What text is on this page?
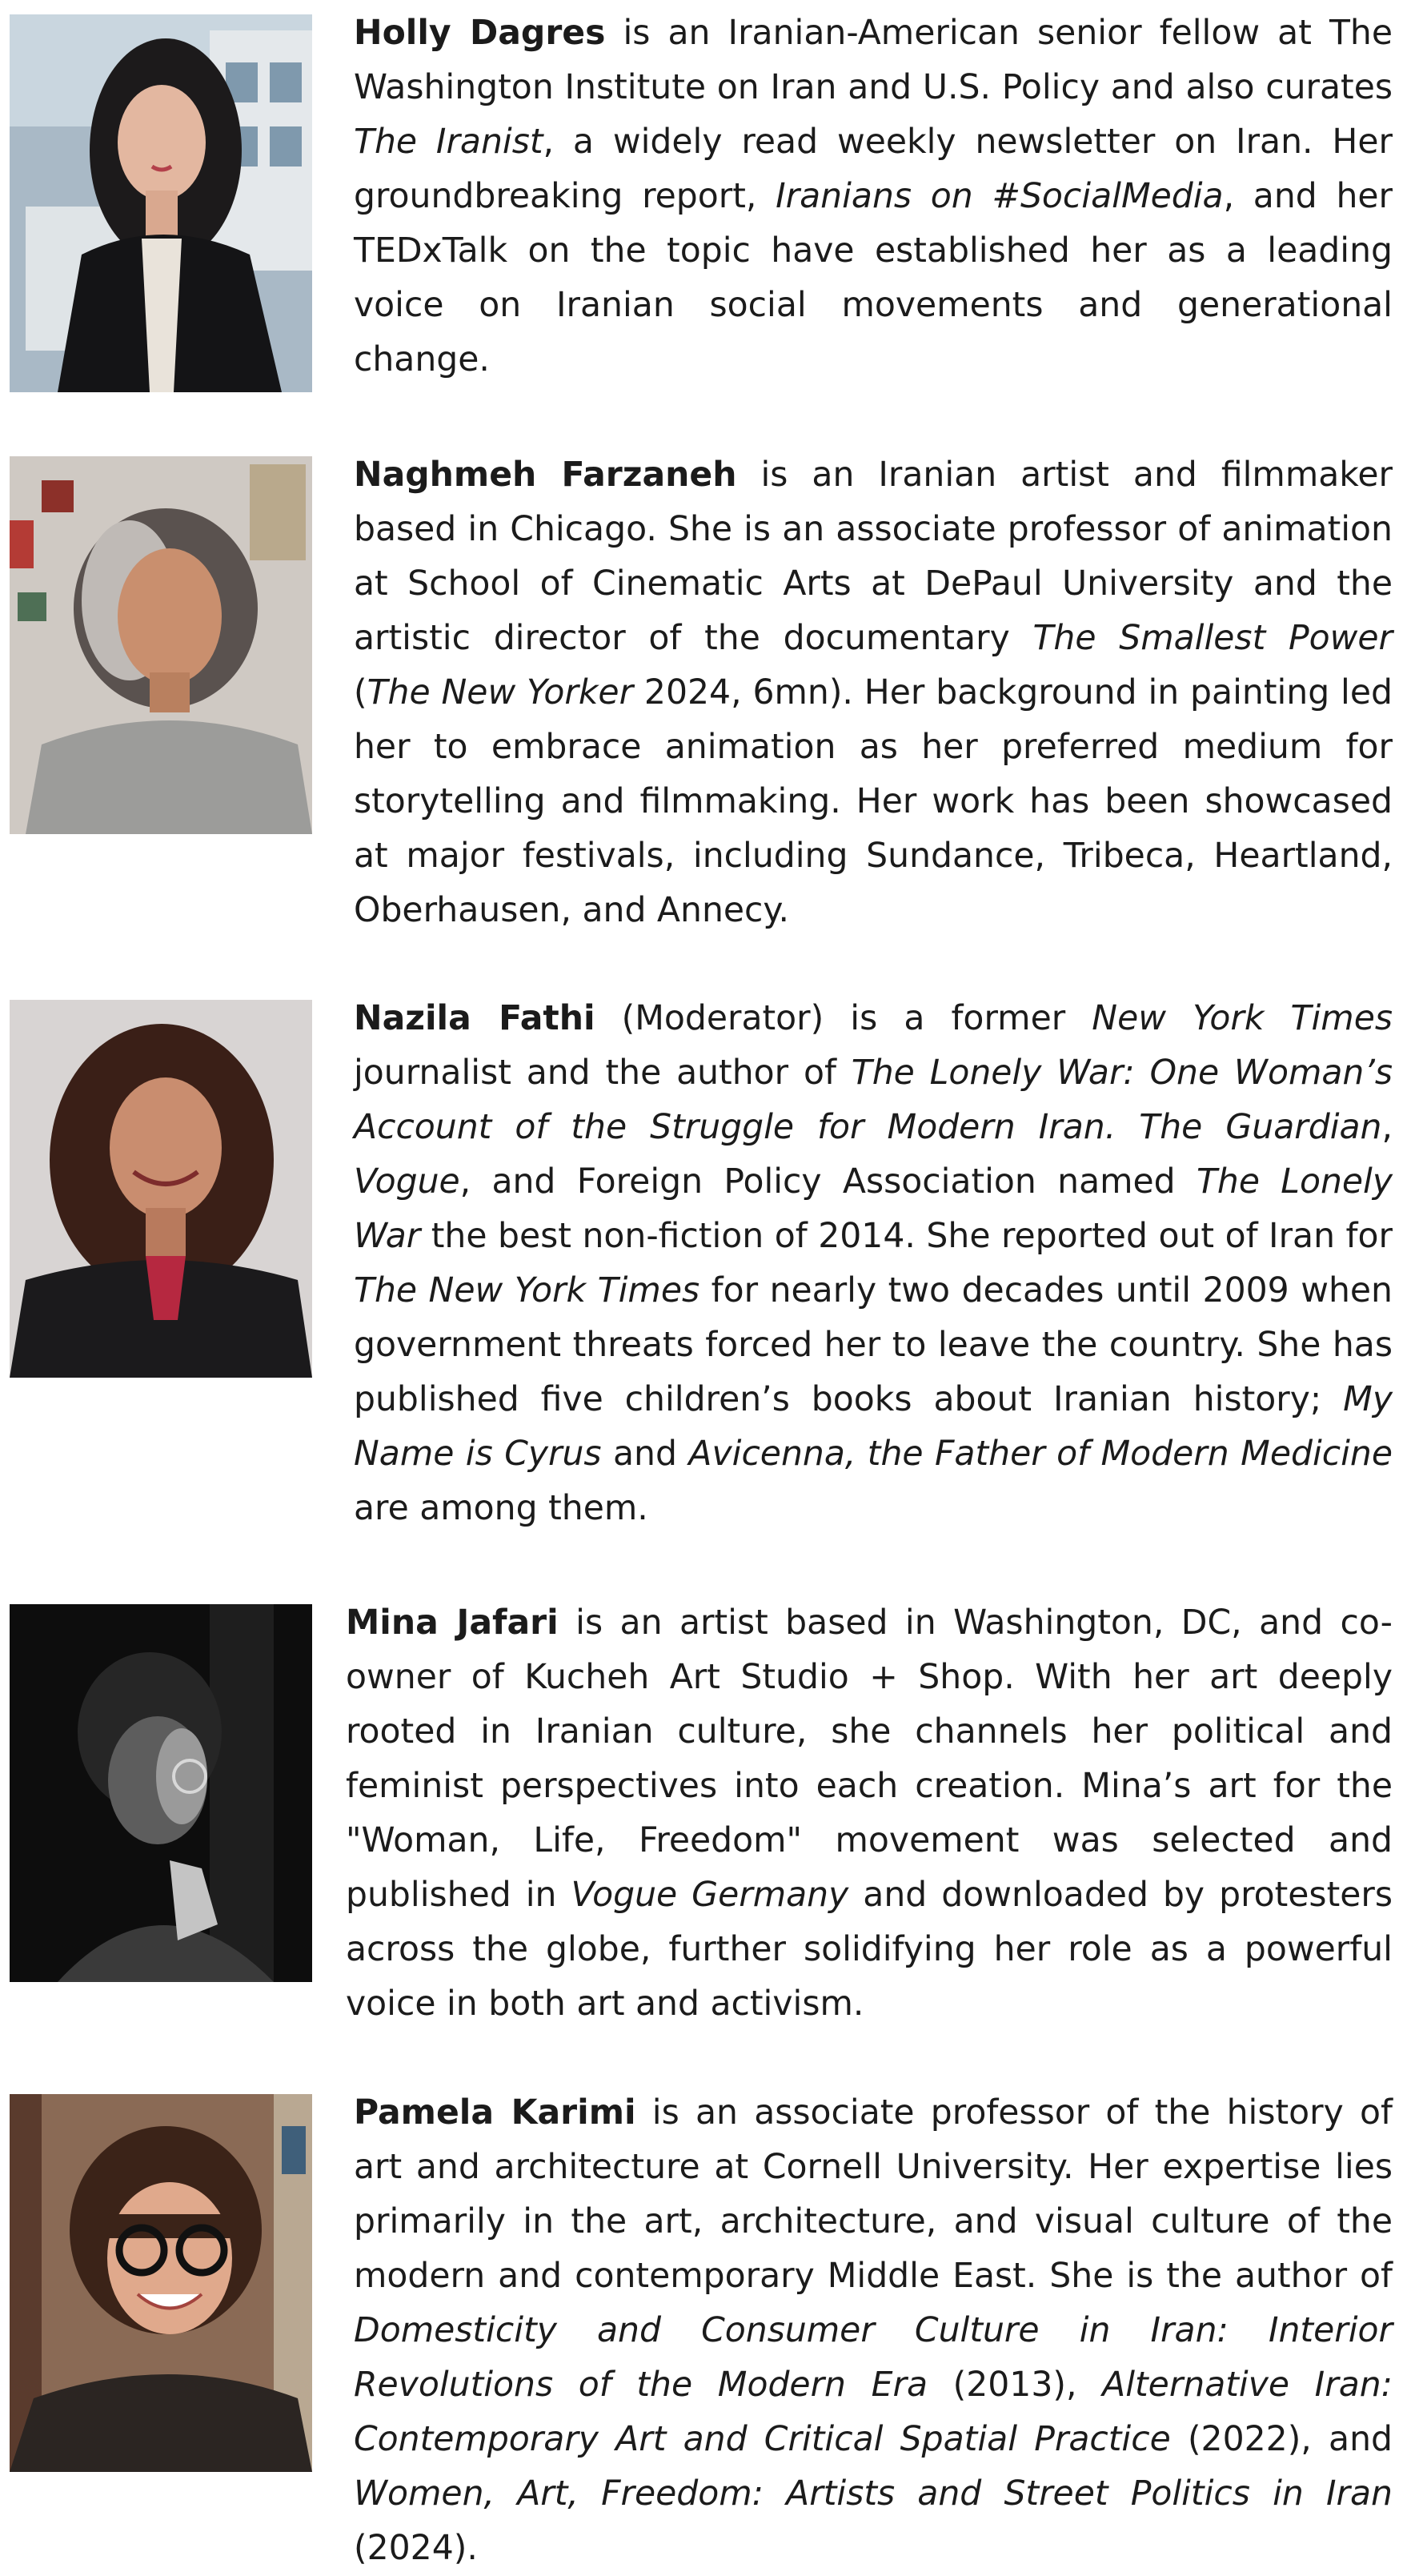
Holly Dagres is an Iranian-American senior fellow at The Washington Institute on Iran and U.S. Policy and also curates The Iranist, a widely read weekly newsletter on Iran. Her groundbreaking report, Iranians on #SocialMedia, and her TEDxTalk on the topic have established her as a leading voice on Iranian social movements and generational change.

Naghmeh Farzaneh is an Iranian artist and filmmaker based in Chicago. She is an associate professor of animation at School of Cinematic Arts at DePaul University and the artistic director of the documentary The Smallest Power (The New Yorker 2024, 6mn). Her background in painting led her to embrace animation as her preferred medium for storytelling and filmmaking. Her work has been showcased at major festivals, including Sundance, Tribeca, Heartland, Oberhausen, and Annecy.

Nazila Fathi (Moderator) is a former New York Times journalist and the author of The Lonely War: One Woman’s Account of the Struggle for Modern Iran. The Guardian, Vogue, and Foreign Policy Association named The Lonely War the best non-fiction of 2014. She reported out of Iran for The New York Times for nearly two decades until 2009 when government threats forced her to leave the country. She has published five children’s books about Iranian history; My Name is Cyrus and Avicenna, the Father of Modern Medicine are among them.

Mina Jafari is an artist based in Washington, DC, and co-owner of Kucheh Art Studio + Shop. With her art deeply rooted in Iranian culture, she channels her political and feminist perspectives into each creation. Mina’s art for the "Woman, Life, Freedom" movement was selected and published in Vogue Germany and downloaded by protesters across the globe, further solidifying her role as a powerful voice in both art and activism.

Pamela Karimi is an associate professor of the history of art and architecture at Cornell University. Her expertise lies primarily in the art, architecture, and visual culture of the modern and contemporary Middle East. She is the author of Domesticity and Consumer Culture in Iran: Interior Revolutions of the Modern Era (2013), Alternative Iran: Contemporary Art and Critical Spatial Practice (2022), and Women, Art, Freedom: Artists and Street Politics in Iran (2024).
